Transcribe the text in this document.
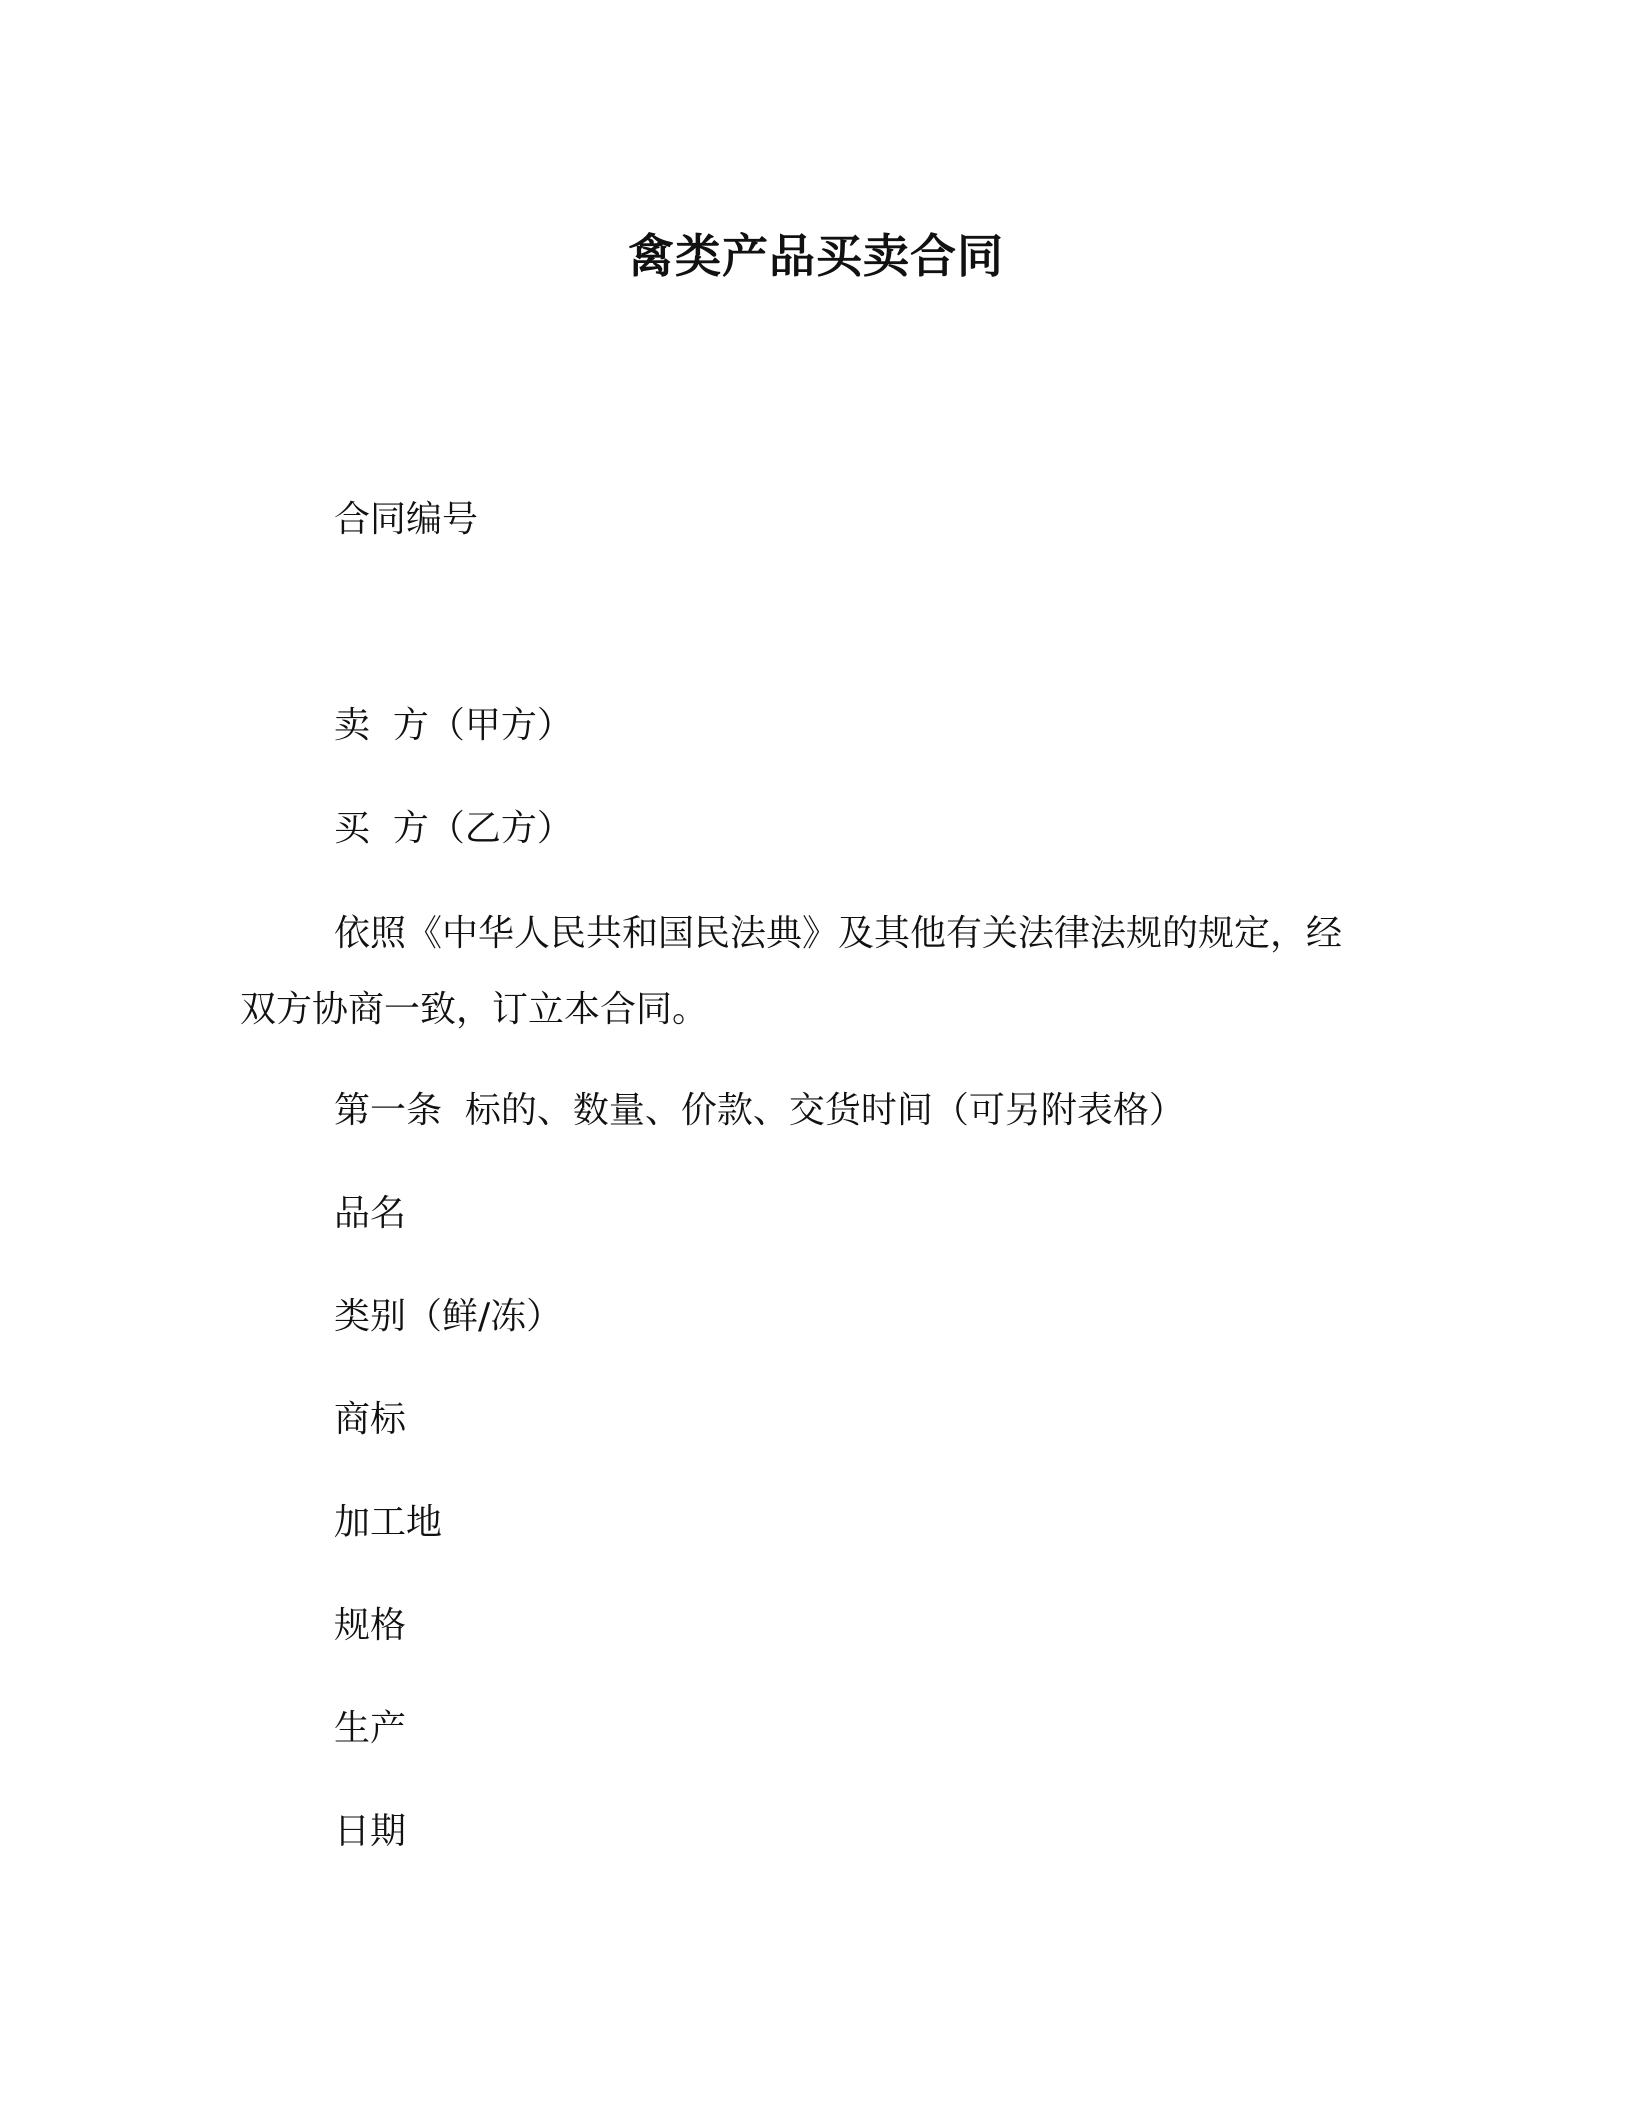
禽类产品买卖合同
合同编号
卖  方（甲方）
买  方（乙方）
依照《中华人民共和国民法典》及其他有关法律法规的规定，经
双方协商一致，订立本合同。
第一条  标的、数量、价款、交货时间（可另附表格）
品名
类别（鲜/冻）
商标
加工地
规格
生产
日期
